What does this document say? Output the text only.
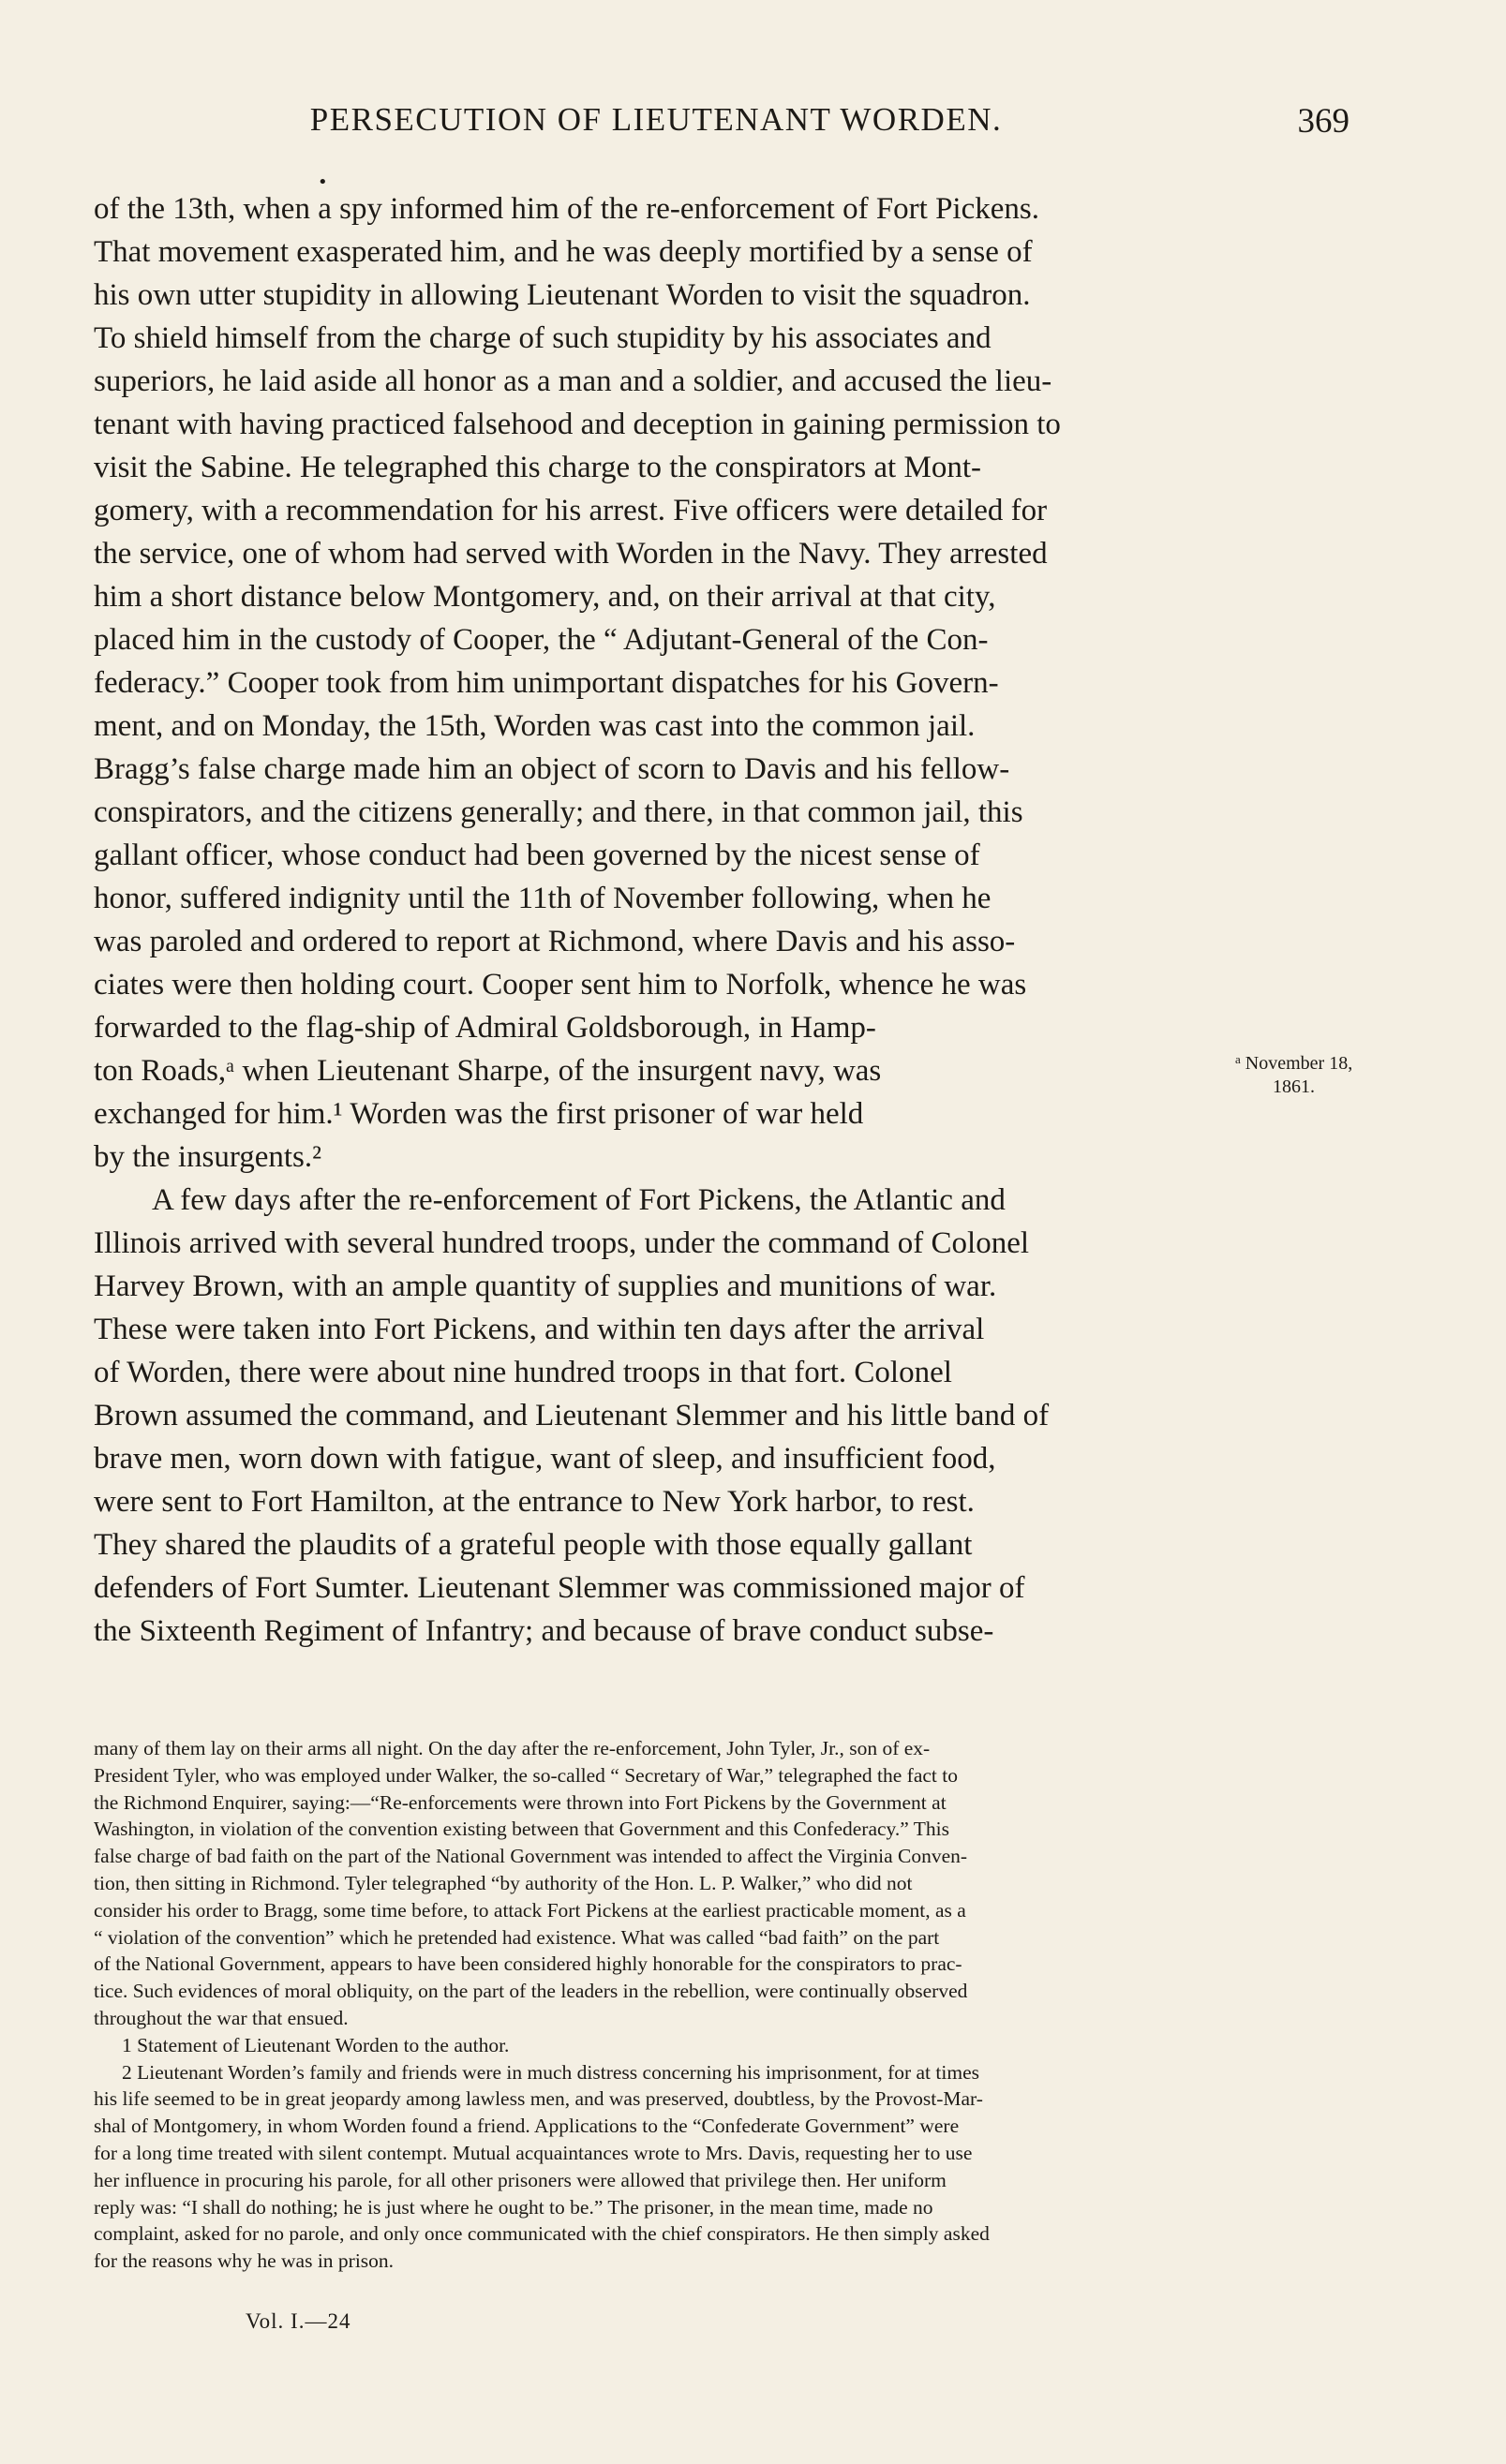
PERSECUTION OF LIEUTENANT WORDEN.	369
•
of the 13th, when a spy informed him of the re-enforcement of Fort Pickens.
That movement exasperated him, and he was deeply mortified by a sense of
his own utter stupidity in allowing Lieutenant Worden to visit the squadron.
To shield himself from the charge of such stupidity by his associates and
superiors, he laid aside all honor as a man and a soldier, and accused the lieu-
tenant with having practiced falsehood and deception in gaining permission to
visit the Sabine. He telegraphed this charge to the conspirators at Mont-
gomery, with a recommendation for his arrest. Five officers were detailed for
the service, one of whom had served with Worden in the Navy. They arrested
him a short distance below Montgomery, and, on their arrival at that city,
placed him in the custody of Cooper, the “ Adjutant-General of the Con-
federacy.” Cooper took from him unimportant dispatches for his Govern-
ment, and on Monday, the 15th, Worden was cast into the common jail.
Bragg’s false charge made him an object of scorn to Davis and his fellow-
conspirators, and the citizens generally; and there, in that common jail, this
gallant officer, whose conduct had been governed by the nicest sense of
honor, suffered indignity until the 11th of November following, when he
was paroled and ordered to report at Richmond, where Davis and his asso-
ciates were then holding court. Cooper sent him to Norfolk, whence he was
forwarded to the flag-ship of Admiral Goldsborough, in Hamp-
ton Roads,ᵃ when Lieutenant Sharpe, of the insurgent navy, was
exchanged for him.¹ Worden was the first prisoner of war held
by the insurgents.²
A few days after the re-enforcement of Fort Pickens, the Atlantic and
Illinois arrived with several hundred troops, under the command of Colonel
Harvey Brown, with an ample quantity of supplies and munitions of war.
These were taken into Fort Pickens, and within ten days after the arrival
of Worden, there were about nine hundred troops in that fort. Colonel
Brown assumed the command, and Lieutenant Slemmer and his little band of
brave men, worn down with fatigue, want of sleep, and insufficient food,
were sent to Fort Hamilton, at the entrance to New York harbor, to rest.
They shared the plaudits of a grateful people with those equally gallant
defenders of Fort Sumter. Lieutenant Slemmer was commissioned major of
the Sixteenth Regiment of Infantry; and because of brave conduct subse-
$^a$ November 18,
1861.
many of them lay on their arms all night. On the day after the re-enforcement, John Tyler, Jr., son of ex-
President Tyler, who was employed under Walker, the so-called “ Secretary of War,” telegraphed the fact to
the Richmond Enquirer, saying:—“Re-enforcements were thrown into Fort Pickens by the Government at
Washington, in violation of the convention existing between that Government and this Confederacy.” This
false charge of bad faith on the part of the National Government was intended to affect the Virginia Conven-
tion, then sitting in Richmond. Tyler telegraphed “by authority of the Hon. L. P. Walker,” who did not
consider his order to Bragg, some time before, to attack Fort Pickens at the earliest practicable moment, as a
“ violation of the convention” which he pretended had existence. What was called “bad faith” on the part
of the National Government, appears to have been considered highly honorable for the conspirators to prac-
tice. Such evidences of moral obliquity, on the part of the leaders in the rebellion, were continually observed
throughout the war that ensued.
1 Statement of Lieutenant Worden to the author.
2 Lieutenant Worden’s family and friends were in much distress concerning his imprisonment, for at times
his life seemed to be in great jeopardy among lawless men, and was preserved, doubtless, by the Provost-Mar-
shal of Montgomery, in whom Worden found a friend. Applications to the “Confederate Government” were
for a long time treated with silent contempt. Mutual acquaintances wrote to Mrs. Davis, requesting her to use
her influence in procuring his parole, for all other prisoners were allowed that privilege then. Her uniform
reply was: “I shall do nothing; he is just where he ought to be.” The prisoner, in the mean time, made no
complaint, asked for no parole, and only once communicated with the chief conspirators. He then simply asked
for the reasons why he was in prison.
Vol. I.—24
